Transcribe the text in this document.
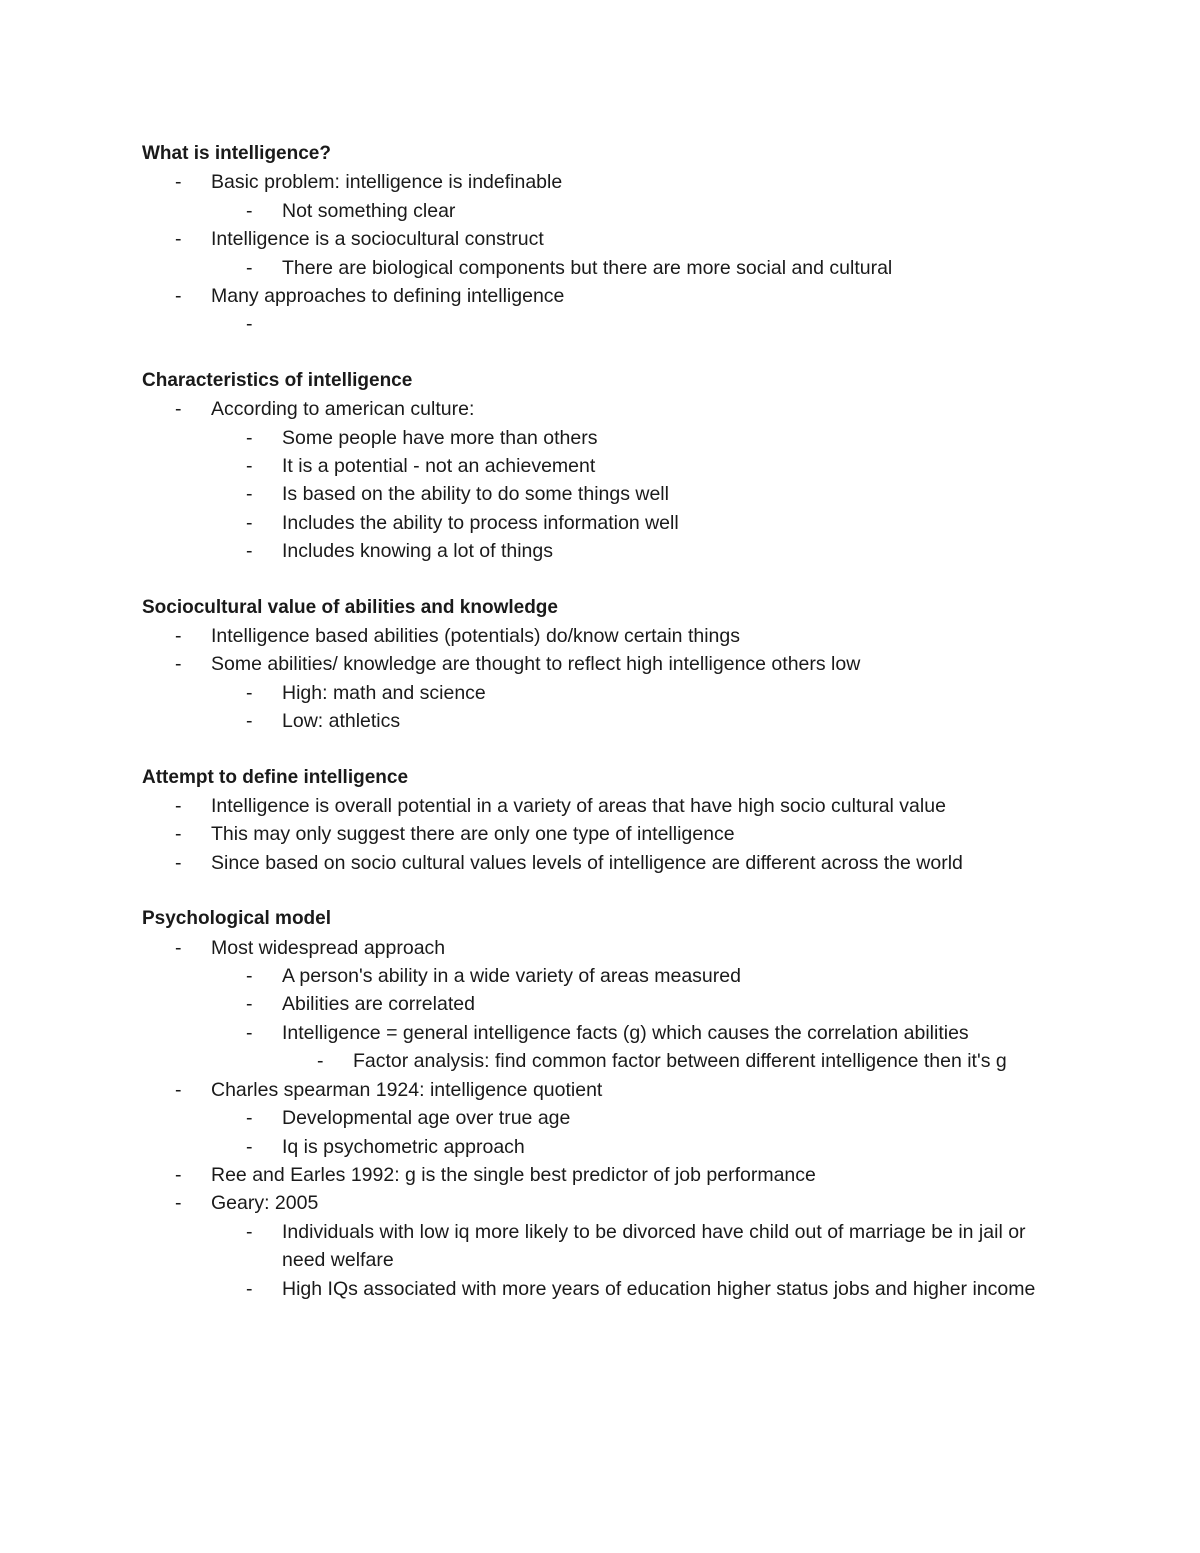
What is intelligence?
- Basic problem: intelligence is indefinable
- Not something clear
- Intelligence is a sociocultural construct
- There are biological components but there are more social and cultural
- Many approaches to defining intelligence
-
Characteristics of intelligence
- According to american culture:
- Some people have more than others
- It is a potential - not an achievement
- Is based on the ability to do some things well
- Includes the ability to process information well
- Includes knowing a lot of things
Sociocultural value of abilities and knowledge
- Intelligence based abilities (potentials) do/know certain things
- Some abilities/ knowledge are thought to reflect high intelligence others low
- High: math and science
- Low: athletics
Attempt to define intelligence
- Intelligence is overall potential in a variety of areas that have high socio cultural value
- This may only suggest there are only one type of intelligence
- Since based on socio cultural values levels of intelligence are different across the world
Psychological model
- Most widespread approach
- A person's ability in a wide variety of areas measured
- Abilities are correlated
- Intelligence = general intelligence facts (g) which causes the correlation abilities
- Factor analysis: find common factor between different intelligence then it's g
- Charles spearman 1924: intelligence quotient
- Developmental age over true age
- Iq is psychometric approach
- Ree and Earles 1992: g is the single best predictor of job performance
- Geary: 2005
- Individuals with low iq more likely to be divorced have child out of marriage be in jail or need welfare
- High IQs associated with more years of education higher status jobs and higher income
